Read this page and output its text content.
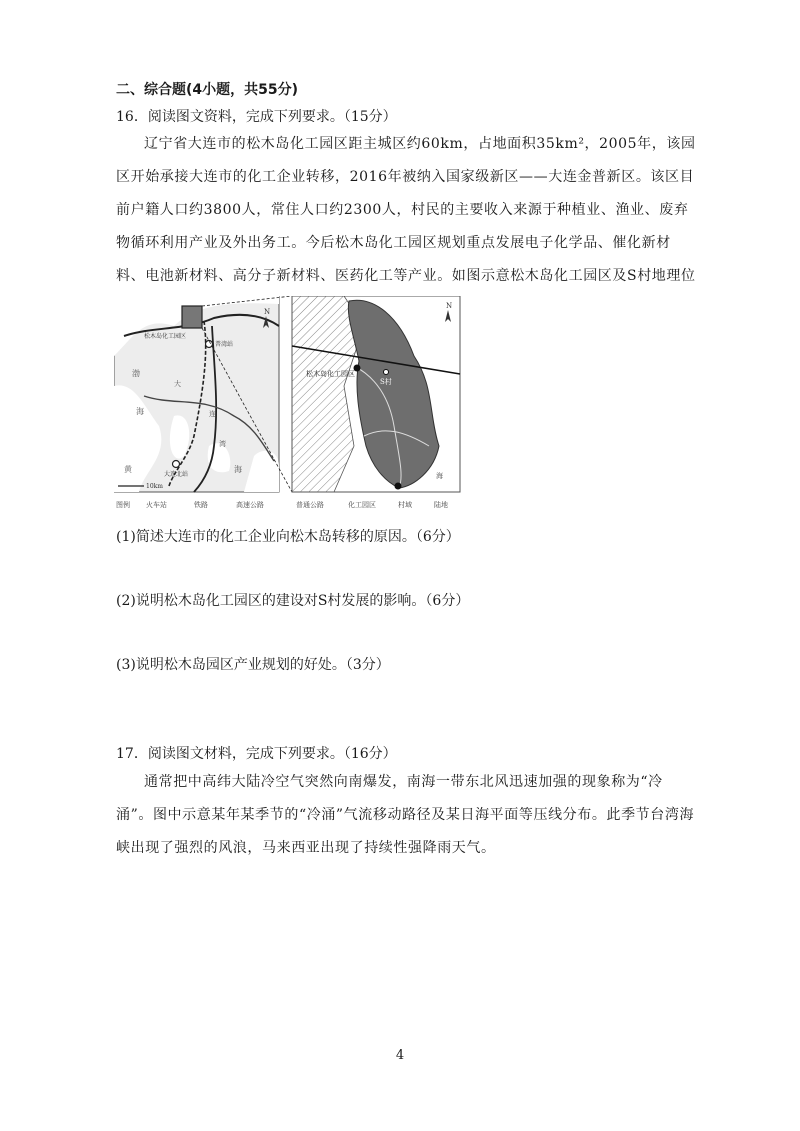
二、综合题(4小题，共55分)
16．阅读图文资料，完成下列要求。（15分）

辽宁省大连市的松木岛化工园区距主城区约60km，占地面积35km²，2005年，该园区开始承接大连市的化工企业转移，2016年被纳入国家级新区——大连金普新区。该区目前户籍人口约3800人，常住人口约2300人，村民的主要收入来源于种植业、渔业、废弃物循环利用产业及外出务工。今后松木岛化工园区规划重点发展电子化学品、催化新材料、电池新材料、高分子新材料、医药化工等产业。如图示意松木岛化工园区及S村地理位

松木岛化工园区
普湾站
大连北站
10km
N
渤
海
大
连
湾
黄	海
松木岛化工园区
S村
海
N
图例 火车站	铁路	高速公路	普通公路	化工园区	村域	陆地
(1)简述大连市的化工企业向松木岛转移的原因。（6分）
(2)说明松木岛化工园区的建设对S村发展的影响。（6分）
(3)说明松木岛园区产业规划的好处。（3分）
17．阅读图文材料，完成下列要求。（16分）

通常把中高纬大陆冷空气突然向南爆发，南海一带东北风迅速加强的现象称为“冷涌”。图中示意某年某季节的“冷涌”气流移动路径及某日海平面等压线分布。此季节台湾海峡出现了强烈的风浪，马来西亚出现了持续性强降雨天气。

4
